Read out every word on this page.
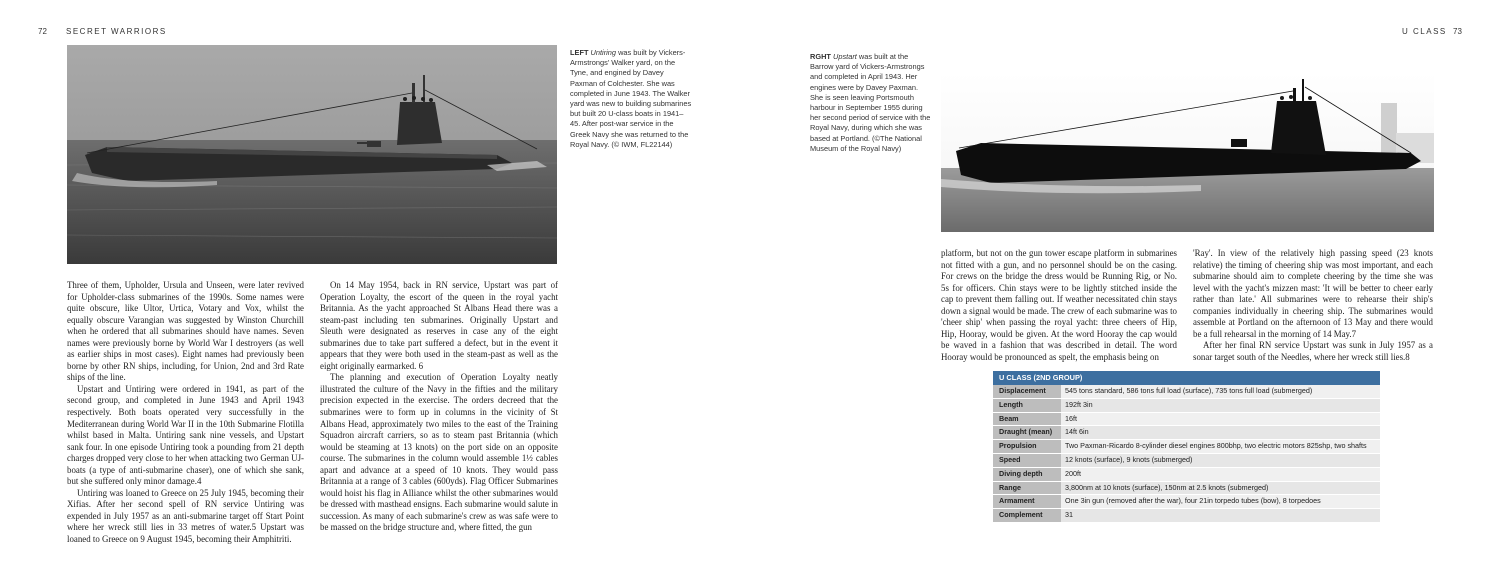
72 SECRET WARRIORS
LEFT Untiring was built by Vickers-Armstrongs' Walker yard, on the Tyne, and engined by Davey Paxman of Colchester. She was completed in June 1943. The Walker yard was new to building submarines but built 20 U-class boats in 1941–45. After post-war service in the Greek Navy she was returned to the Royal Navy. (© IWM, FL22144)

Three of them, Upholder, Ursula and Unseen, were later revived for Upholder-class submarines of the 1990s. Some names were quite obscure, like Ultor, Urtica, Votary and Vox, whilst the equally obscure Varangian was suggested by Winston Churchill when he ordered that all submarines should have names. Seven names were previously borne by World War I destroyers (as well as earlier ships in most cases). Eight names had previously been borne by other RN ships, including, for Union, 2nd and 3rd Rate ships of the line.

Upstart and Untiring were ordered in 1941, as part of the second group, and completed in June 1943 and April 1943 respectively. Both boats operated very successfully in the Mediterranean during World War II in the 10th Submarine Flotilla whilst based in Malta. Untiring sank nine vessels, and Upstart sank four. In one episode Untiring took a pounding from 21 depth charges dropped very close to her when attacking two German UJ-boats (a type of anti-submarine chaser), one of which she sank, but she suffered only minor damage.4

Untiring was loaned to Greece on 25 July 1945, becoming their Xifias. After her second spell of RN service Untiring was expended in July 1957 as an anti-submarine target off Start Point where her wreck still lies in 33 metres of water.5 Upstart was loaned to Greece on 9 August 1945, becoming their Amphitriti.

On 14 May 1954, back in RN service, Upstart was part of Operation Loyalty, the escort of the queen in the royal yacht Britannia. As the yacht approached St Albans Head there was a steam-past including ten submarines. Originally Upstart and Sleuth were designated as reserves in case any of the eight submarines due to take part suffered a defect, but in the event it appears that they were both used in the steam-past as well as the eight originally earmarked. 6

The planning and execution of Operation Loyalty neatly illustrated the culture of the Navy in the fifties and the military precision expected in the exercise. The orders decreed that the submarines were to form up in columns in the vicinity of St Albans Head, approximately two miles to the east of the Training Squadron aircraft carriers, so as to steam past Britannia (which would be steaming at 13 knots) on the port side on an opposite course. The submarines in the column would assemble 1½ cables apart and advance at a speed of 10 knots. They would pass Britannia at a range of 3 cables (600yds). Flag Officer Submarines would hoist his flag in Alliance whilst the other submarines would be dressed with masthead ensigns. Each submarine would salute in succession. As many of each submarine's crew as was safe were to be massed on the bridge structure and, where fitted, the gun

U CLASS 73
RGHT Upstart was built at the Barrow yard of Vickers-Armstrongs and completed in April 1943. Her engines were by Davey Paxman. She is seen leaving Portsmouth harbour in September 1955 during her second period of service with the Royal Navy, during which she was based at Portland. (©The National Museum of the Royal Navy)

platform, but not on the gun tower escape platform in submarines not fitted with a gun, and no personnel should be on the casing. For crews on the bridge the dress would be Running Rig, or No. 5s for officers. Chin stays were to be lightly stitched inside the cap to prevent them falling out. If weather necessitated chin stays down a signal would be made. The crew of each submarine was to 'cheer ship' when passing the royal yacht: three cheers of Hip, Hip, Hooray, would be given. At the word Hooray the cap would be waved in a fashion that was described in detail. The word Hooray would be pronounced as spelt, the emphasis being on

'Ray'. In view of the relatively high passing speed (23 knots relative) the timing of cheering ship was most important, and each submarine should aim to complete cheering by the time she was level with the yacht's mizzen mast: 'It will be better to cheer early rather than late.' All submarines were to rehearse their ship's companies individually in cheering ship. The submarines would assemble at Portland on the afternoon of 13 May and there would be a full rehearsal in the morning of 14 May.7

After her final RN service Upstart was sunk in July 1957 as a sonar target south of the Needles, where her wreck still lies.8

U CLASS (2ND GROUP)
Displacement	545 tons standard, 586 tons full load (surface), 735 tons full load (submerged)
Length	192ft 3in
Beam	16ft
Draught (mean)	14ft 6in
Propulsion	Two Paxman-Ricardo 8-cylinder diesel engines 800bhp, two electric motors 825shp, two shafts
Speed	12 knots (surface), 9 knots (submerged)
Diving depth	200ft
Range	3,800nm at 10 knots (surface), 150nm at 2.5 knots (submerged)
Armament	One 3in gun (removed after the war), four 21in torpedo tubes (bow), 8 torpedoes
Complement	31
